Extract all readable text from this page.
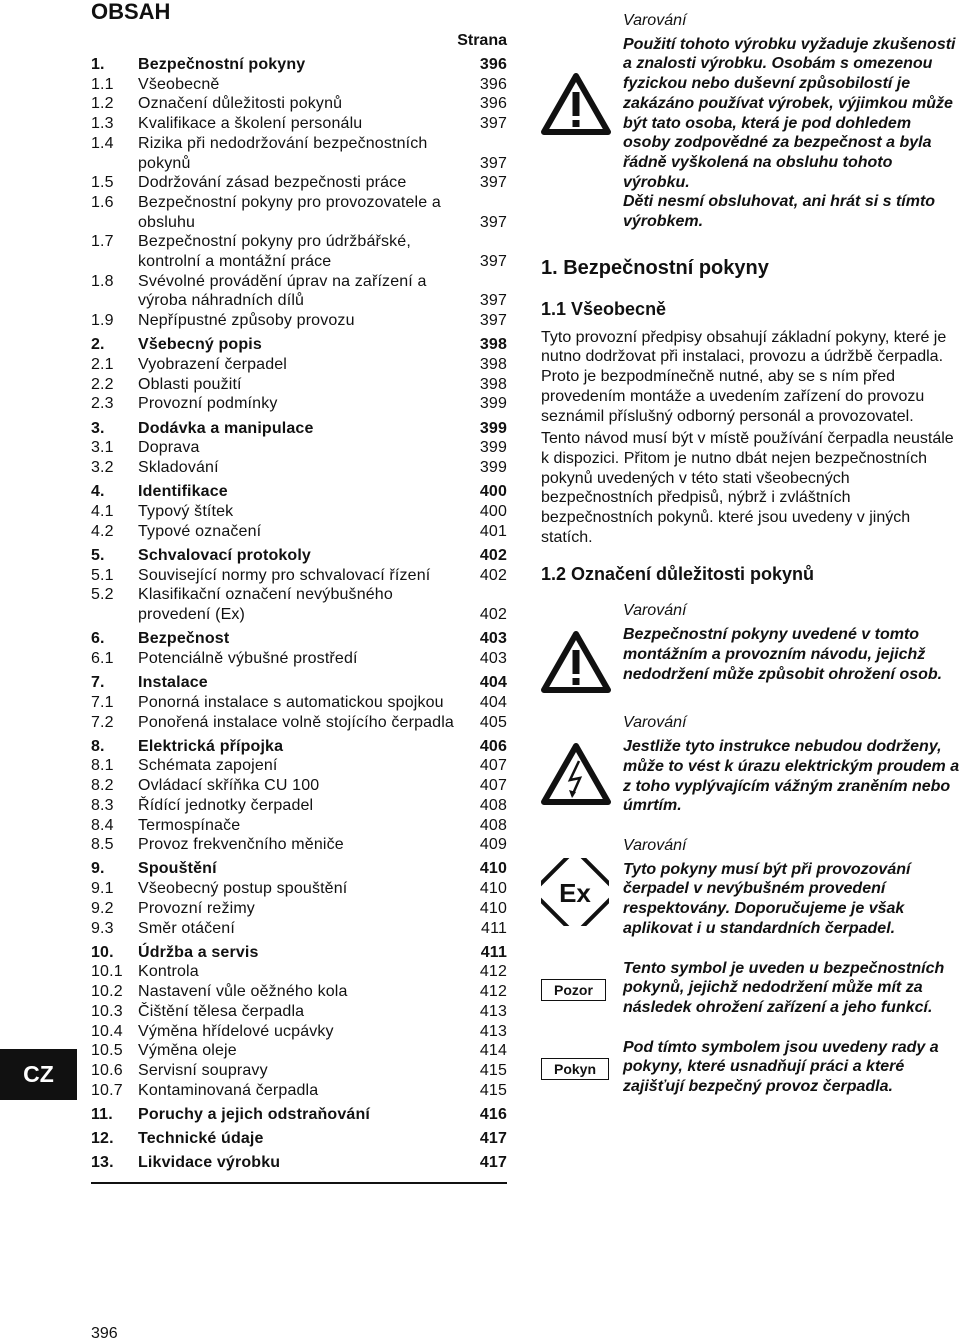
OBSAH
Strana
1.	Bezpečnostní pokyny	396
1.1	Všeobecně	396
1.2	Označení důležitosti pokynů	396
1.3	Kvalifikace a školení personálu	397
1.4	Rizika při nedodržování bezpečnostních pokynů	397
1.5	Dodržování zásad bezpečnosti práce	397
1.6	Bezpečnostní pokyny pro provozovatele a obsluhu	397
1.7	Bezpečnostní pokyny pro údržbářské, kontrolní a montážní práce	397
1.8	Svévolné provádění úprav na zařízení a výroba náhradních dílů	397
1.9	Nepřípustné způsoby provozu	397
2.	Všebecný popis	398
2.1	Vyobrazení čerpadel	398
2.2	Oblasti použití	398
2.3	Provozní podmínky	399
3.	Dodávka a manipulace	399
3.1	Doprava	399
3.2	Skladování	399
4.	Identifikace	400
4.1	Typový štítek	400
4.2	Typové označení	401
5.	Schvalovací protokoly	402
5.1	Související normy pro schvalovací řízení	402
5.2	Klasifikační označení nevýbušného provedení (Ex)	402
6.	Bezpečnost	403
6.1	Potenciálně výbušné prostředí	403
7.	Instalace	404
7.1	Ponorná instalace s automatickou spojkou	404
7.2	Ponořená instalace volně stojícího čerpadla	405
8.	Elektrická přípojka	406
8.1	Schémata zapojení	407
8.2	Ovládací skříňka CU 100	407
8.3	Řídící jednotky čerpadel	408
8.4	Termospínače	408
8.5	Provoz frekvenčního měniče	409
9.	Spouštění	410
9.1	Všeobecný postup spouštění	410
9.2	Provozní režimy	410
9.3	Směr otáčení	411
10.	Údržba a servis	411
10.1 Kontrola	412
10.2 Nastavení vůle oěžného kola	412
10.3 Čištění tělesa čerpadla	413
10.4 Výměna hřídelové ucpávky	413
10.5 Výměna oleje	414
10.6 Servisní soupravy	415
10.7 Kontaminovaná čerpadla	415
11.	Poruchy a jejich odstraňování	416
12.	Technické údaje	417
13.	Likvidace výrobku	417
CZ
396
Varování
Použití tohoto výrobku vyžaduje zkušenosti a znalosti výrobku. Osobám s omezenou fyzickou nebo duševní způsobilostí je zakázáno používat výrobek, výjimkou může být tato osoba, která je pod dohledem osoby zodpovědné za bezpečnost a byla řádně vyškolená na obsluhu tohoto výrobku.
Děti nesmí obsluhovat, ani hrát si s tímto výrobkem.
1. Bezpečnostní pokyny
1.1 Všeobecně
Tyto provozní předpisy obsahují základní pokyny, které je nutno dodržovat při instalaci, provozu a údržbě čerpadla. Proto je bezpodmínečně nutné, aby se s ním před provedením montáže a uvedením zařízení do provozu seznámil příslušný odborný personál a provozovatel.
Tento návod musí být v místě používání čerpadla neustále k dispozici. Přitom je nutno dbát nejen bezpečnostních pokynů uvedených v této stati všeobecných bezpečnostních předpisů, nýbrž i zvláštních bezpečnostních pokynů. které jsou uvedeny v jiných statích.
1.2 Označení důležitosti pokynů
Varování
Bezpečnostní pokyny uvedené v tomto montážním a provozním návodu, jejichž nedodržení může způsobit ohrožení osob.
Varování
Jestliže tyto instrukce nebudou dodrženy, může to vést k úrazu elektrickým proudem a z toho vyplývajícím vážným zraněním nebo úmrtím.
Ex
Varování
Tyto pokyny musí být při provozování čerpadel v nevýbušném provedení respektovány. Doporučujeme je však aplikovat i u standardních čerpadel.
Pozor
Tento symbol je uveden u bezpečnostních pokynů, jejichž nedodržení může mít za následek ohrožení zařízení a jeho funkcí.
Pokyn
Pod tímto symbolem jsou uvedeny rady a pokyny, které usnadňují práci a které zajišťují bezpečný provoz čerpadla.
